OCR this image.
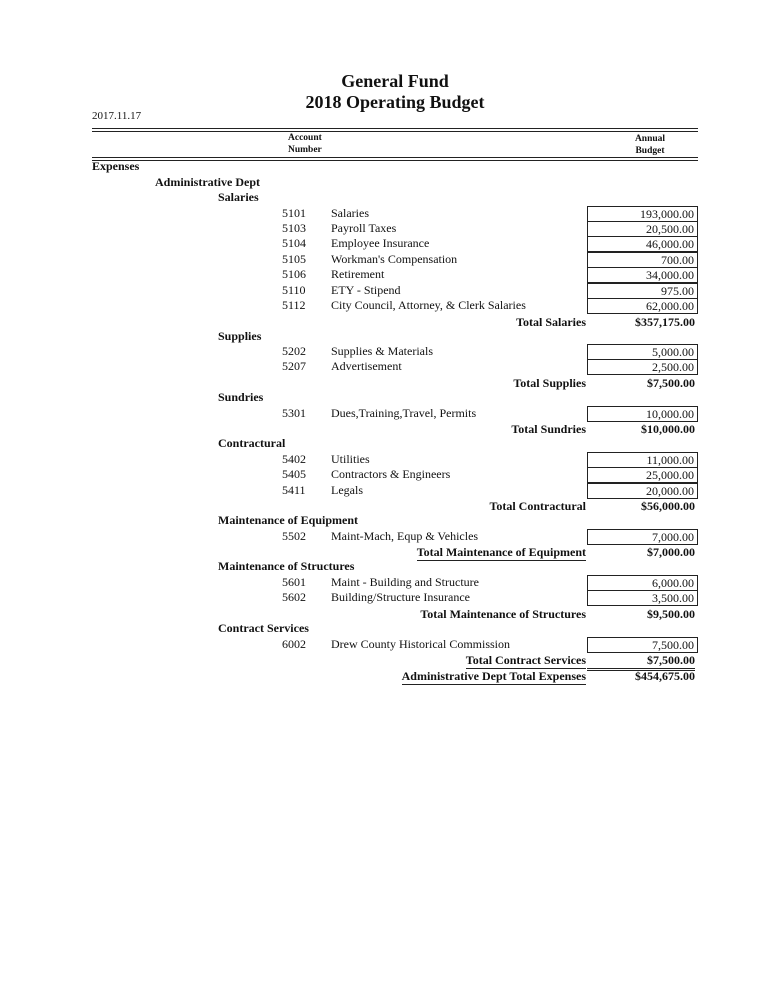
General Fund
2018 Operating Budget
2017.11.17
Account
Number
Annual
Budget
Expenses
Administrative Dept
Salaries
5101	Salaries	193,000.00
5103	Payroll Taxes	20,500.00
5104	Employee Insurance	46,000.00
5105	Workman's Compensation	700.00
5106	Retirement	34,000.00
5110	ETY - Stipend	975.00
5112	City Council, Attorney, & Clerk Salaries	62,000.00
Total Salaries	$357,175.00
Supplies
5202	Supplies & Materials	5,000.00
5207	Advertisement	2,500.00
Total Supplies	$7,500.00
Sundries
5301	Dues,Training,Travel, Permits	10,000.00
Total Sundries	$10,000.00
Contractural
5402	Utilities	11,000.00
5405	Contractors & Engineers	25,000.00
5411	Legals	20,000.00
Total Contractural	$56,000.00
Maintenance of Equipment
5502	Maint-Mach, Equp & Vehicles	7,000.00
Total Maintenance of Equipment	$7,000.00
Maintenance of Structures
5601	Maint - Building and Structure	6,000.00
5602	Building/Structure Insurance	3,500.00
Total Maintenance of Structures	$9,500.00
Contract Services
6002	Drew County Historical Commission	7,500.00
Total Contract Services	$7,500.00
Administrative Dept Total Expenses	$454,675.00
